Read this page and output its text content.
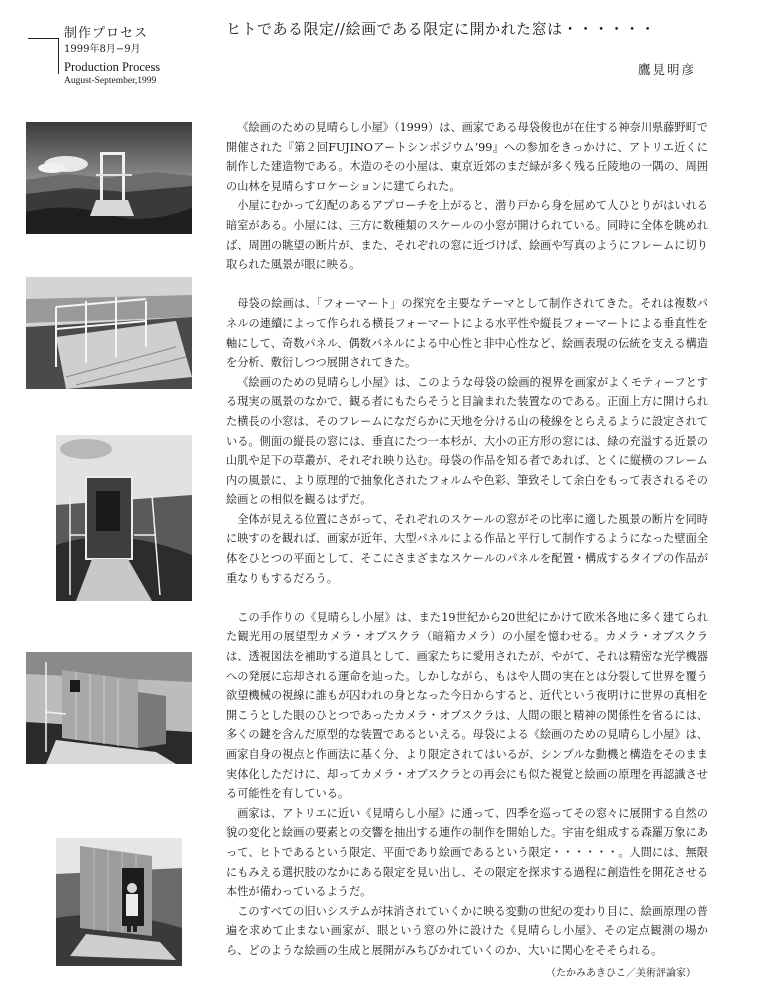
制作プロセス
1999年8月−9月
Production Process
August-September,1999
ヒトである限定//絵画である限定に開かれた窓は・・・・・・
鷹見明彦

《絵画のための見晴らし小屋》（1999）は、画家である母袋俊也が在住する神奈川県藤野町で開催された『第２回FUJINOアートシンポジウム’99』への参加をきっかけに、アトリエ近くに制作した建造物である。木造のその小屋は、東京近郊のまだ緑が多く残る丘陵地の一隅の、周囲の山林を見晴らすロケーションに建てられた。

小屋にむかって幻配のあるアプローチを上がると、潜り戸から身を屈めて人ひとりがはいれる暗室がある。小屋には、三方に数種類のスケールの小窓が開けられている。同時に全体を眺めれば、周囲の眺望の断片が、また、それぞれの窓に近づけば、絵画や写真のようにフレームに切り取られた風景が眼に映る。

母袋の絵画は、「フォーマート」の探究を主要なテーマとして制作されてきた。それは複数パネルの連續によって作られる横長フォーマートによる水平性や縦長フォーマートによる垂直性を軸にして、奇数パネル、偶数パネルによる中心性と非中心性など、絵画表現の伝統を支える構造を分析、敷衍しつつ展開されてきた。

《絵画のための見晴らし小屋》は、このような母袋の絵画的視界を画家がよくモティーフとする現実の風景のなかで、観る者にもたらそうと目論まれた装置なのである。正面上方に開けられた横長の小窓は、そのフレームになだらかに天地を分ける山の稜線をとらえるように設定されている。側面の縦長の窓には、垂直にたつ一本杉が、大小の正方形の窓には、緑の充溢する近景の山肌や足下の草叢が、それぞれ映り込む。母袋の作品を知る者であれば、とくに縦横のフレーム内の風景に、より原理的で抽象化されたフォルムや色彩、筆致そして余白をもって表されるその絵画との相似を観るはずだ。

全体が見える位置にさがって、それぞれのスケールの窓がその比率に適した風景の断片を同時に映すのを観れば、画家が近年、大型パネルによる作品と平行して制作するようになった壁面全体をひとつの平面として、そこにさまざまなスケールのパネルを配置・構成するタイプの作品が重なりもするだろう。

この手作りの《見晴らし小屋》は、また19世紀から20世紀にかけて欧米各地に多く建てられた観光用の展望型カメラ・オブスクラ（暗箱カメラ）の小屋を憶わせる。カメラ・オブスクラは、透視図法を補助する道具として、画家たちに愛用されたが、やがて、それは精密な光学機器への発展に忘却される運命を辿った。しかしながら、もはや人間の実在とは分裂して世界を覆う欲望機械の視線に誰もが囚われの身となった今日からすると、近代という夜明けに世界の真相を開こうとした眼のひとつであったカメラ・オブスクラは、人間の眼と精神の関係性を省るには、多くの鍵を含んだ原型的な装置であるといえる。母袋による《絵画のための見晴らし小屋》は、画家自身の視点と作画法に基く分、より限定されてはいるが、シンプルな動機と構造をそのまま実体化しただけに、却ってカメラ・オブスクラとの再会にも似た視覚と絵画の原理を再認識させる可能性を有している。

画家は、アトリエに近い《見晴らし小屋》に通って、四季を巡ってその窓々に展開する自然の貌の変化と絵画の要素との交響を抽出する連作の制作を開始した。宇宙を組成する森羅万象にあって、ヒトであるという限定、平面であり絵画であるという限定・・・・・・。人間には、無限にもみえる選択肢のなかにある限定を見い出し、その限定を探求する過程に創造性を開花させる本性が備わっているようだ。

このすべての旧いシステムが抹消されていくかに映る変動の世紀の変わり目に、絵画原理の普遍を求めて止まない画家が、眼という窓の外に設けた《見晴らし小屋》、その定点観測の場から、どのような絵画の生成と展開がみちびかれていくのか、大いに関心をそそられる。

（たかみあきひこ／美術評論家）
